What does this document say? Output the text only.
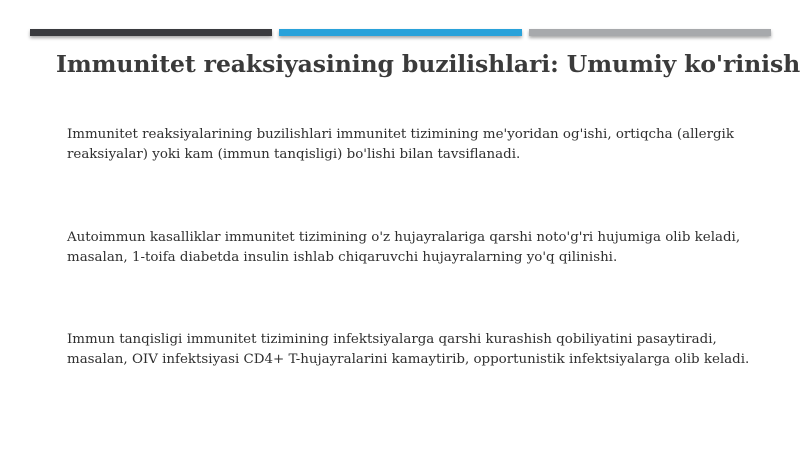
Immunitet reaksiyasining buzilishlari: Umumiy ko'rinish

Immunitet reaksiyalarining buzilishlari immunitet tizimining me'yoridan og'ishi, ortiqcha (allergik reaksiyalar) yoki kam (immun tanqisligi) bo'lishi bilan tavsiflanadi.

Autoimmun kasalliklar immunitet tizimining o'z hujayralariga qarshi noto'g'ri hujumiga olib keladi, masalan, 1-toifa diabetda insulin ishlab chiqaruvchi hujayralarning yo'q qilinishi.

Immun tanqisligi immunitet tizimining infektsiyalarga qarshi kurashish qobiliyatini pasaytiradi, masalan, OIV infektsiyasi CD4+ T-hujayralarini kamaytirib, opportunistik infektsiyalarga olib keladi.
